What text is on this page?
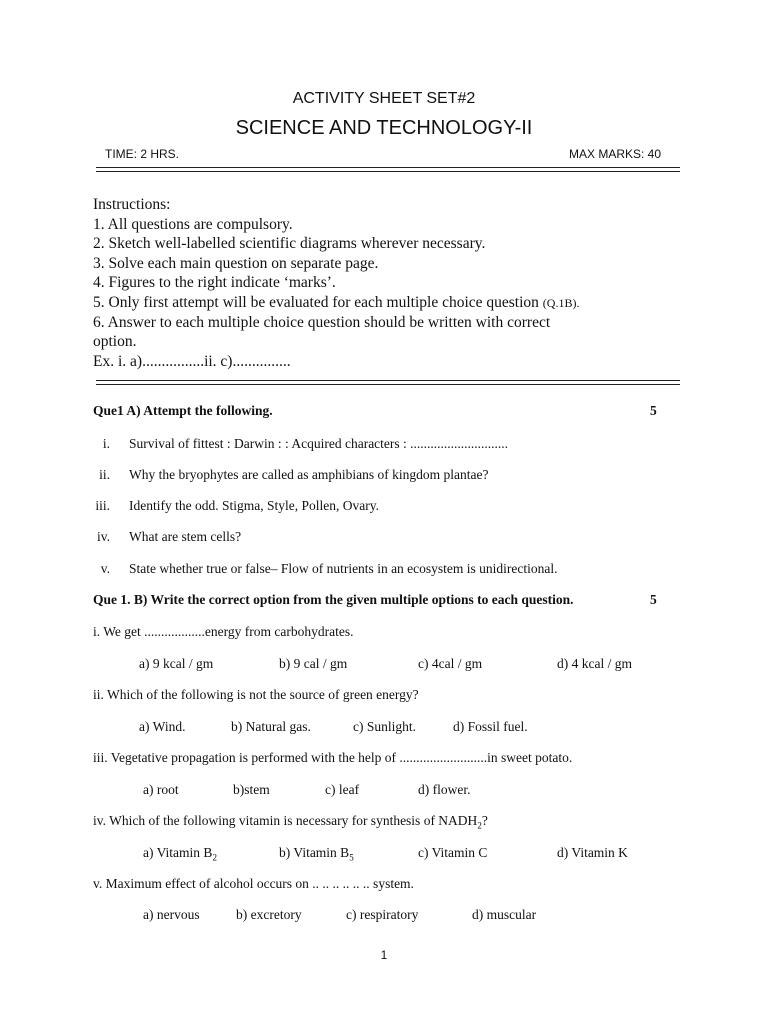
ACTIVITY SHEET SET#2
SCIENCE AND TECHNOLOGY-II
TIME: 2 HRS.	MAX MARKS: 40
Instructions:
1. All questions are compulsory.
2. Sketch well-labelled scientific diagrams wherever necessary.
3. Solve each main question on separate page.
4. Figures to the right indicate ‘marks’.
5. Only first attempt will be evaluated for each multiple choice question (Q.1B).
6. Answer to each multiple choice question should be written with correct
option.
Ex. i. a)................ii. c)...............
Que1 A) Attempt the following.	5
i. Survival of fittest : Darwin : : Acquired characters : .............................
ii. Why the bryophytes are called as amphibians of kingdom plantae?
iii. Identify the odd. Stigma, Style, Pollen, Ovary.
iv. What are stem cells?
v. State whether true or false– Flow of nutrients in an ecosystem is unidirectional.
Que 1. B) Write the correct option from the given multiple options to each question.	5
i. We get ..................energy from carbohydrates.
a) 9 kcal / gm	b) 9 cal / gm	c) 4cal / gm	d) 4 kcal / gm
ii. Which of the following is not the source of green energy?
a) Wind.	b) Natural gas.	c) Sunlight.	d) Fossil fuel.
iii. Vegetative propagation is performed with the help of ..........................in sweet potato.
a) root	b)stem	c) leaf	d) flower.
iv. Which of the following vitamin is necessary for synthesis of $NADH_2$?
a) Vitamin $B_2$	b) Vitamin $B_5$	c) Vitamin C	d) Vitamin K
v. Maximum effect of alcohol occurs on .. .. .. .. .. .. system.
a) nervous	b) excretory	c) respiratory	d) muscular
1
